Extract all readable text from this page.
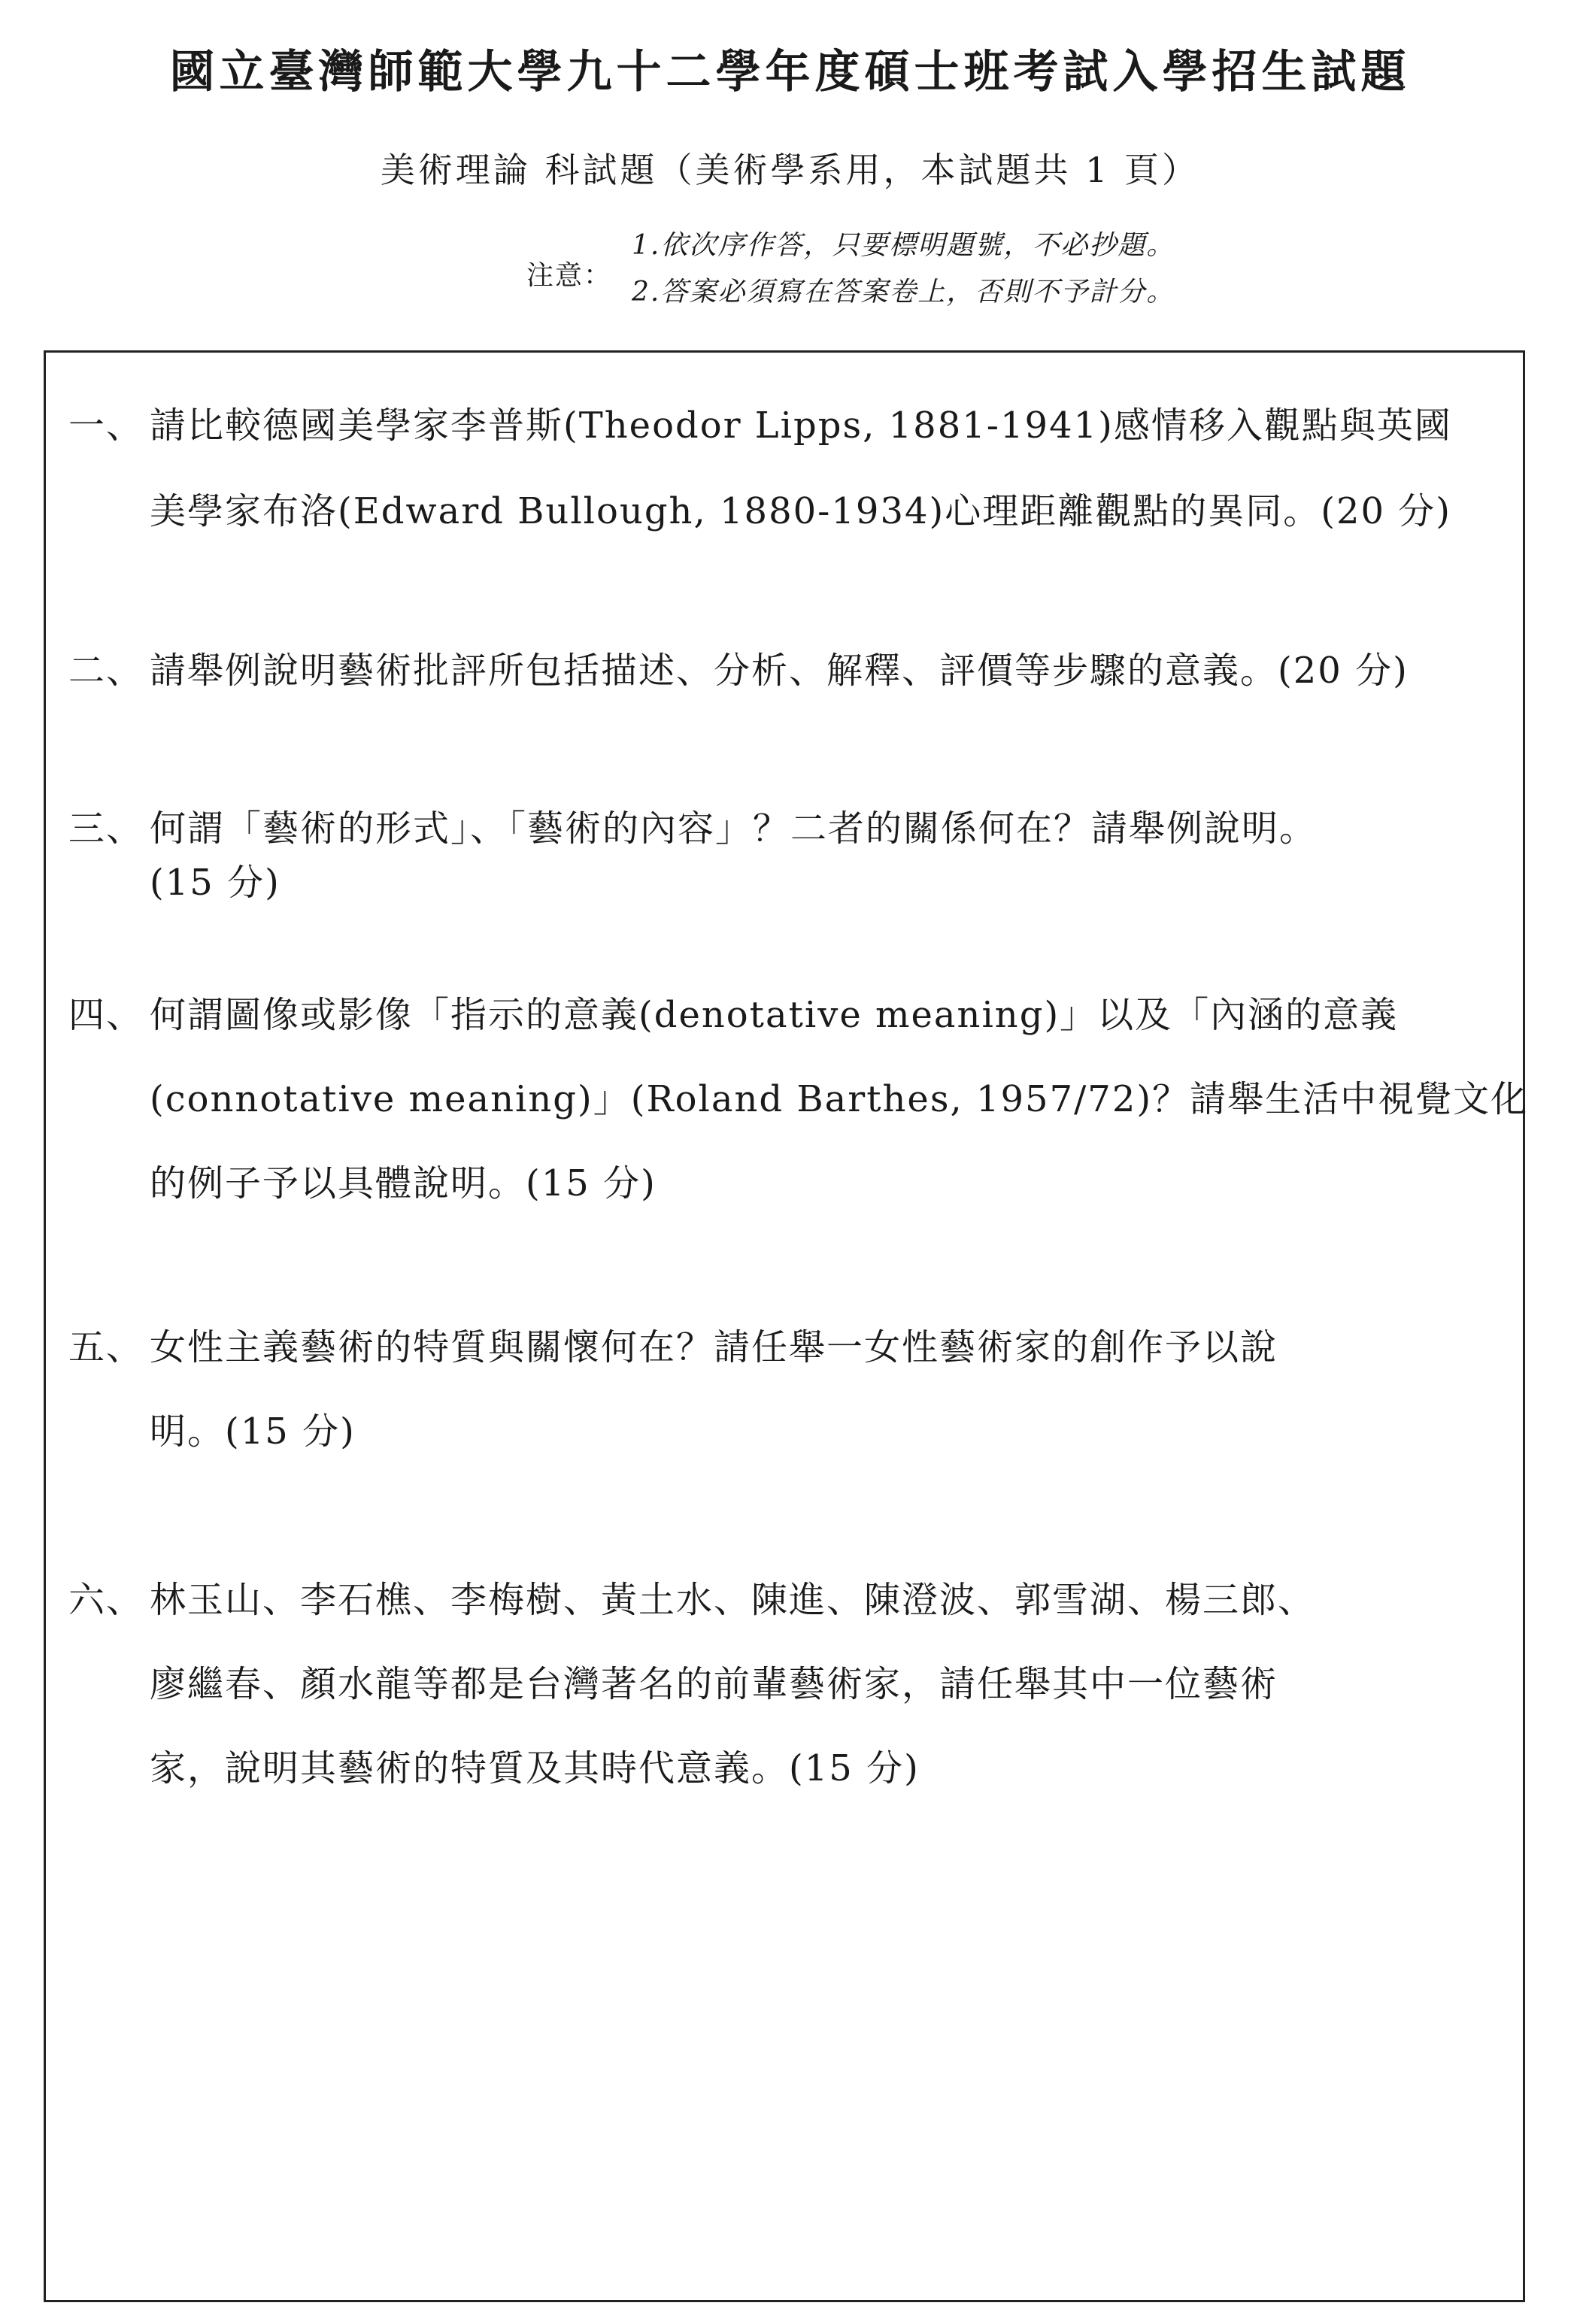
國立臺灣師範大學九十二學年度碩士班考試入學招生試題
美術理論 科試題（美術學系用，本試題共 1 頁）
注意：
1.依次序作答，只要標明題號，不必抄題。
2.答案必須寫在答案卷上，否則不予計分。
一、 請比較德國美學家李普斯(Theodor Lipps, 1881-1941)感情移入觀點與英國
美學家布洛(Edward Bullough, 1880-1934)心理距離觀點的異同。(20 分)
二、 請舉例說明藝術批評所包括描述、分析、解釋、評價等步驟的意義。(20 分)
三、 何謂「藝術的形式」、「藝術的內容」？二者的關係何在？請舉例說明。
(15 分)
四、 何謂圖像或影像「指示的意義(denotative meaning)」以及「內涵的意義
(connotative meaning)」(Roland Barthes, 1957/72)？請舉生活中視覺文化
的例子予以具體說明。(15 分)
五、 女性主義藝術的特質與關懷何在？請任舉一女性藝術家的創作予以說
明。(15 分)
六、 林玉山、李石樵、李梅樹、黃土水、陳進、陳澄波、郭雪湖、楊三郎、
廖繼春、顏水龍等都是台灣著名的前輩藝術家，請任舉其中一位藝術
家，說明其藝術的特質及其時代意義。(15 分)
